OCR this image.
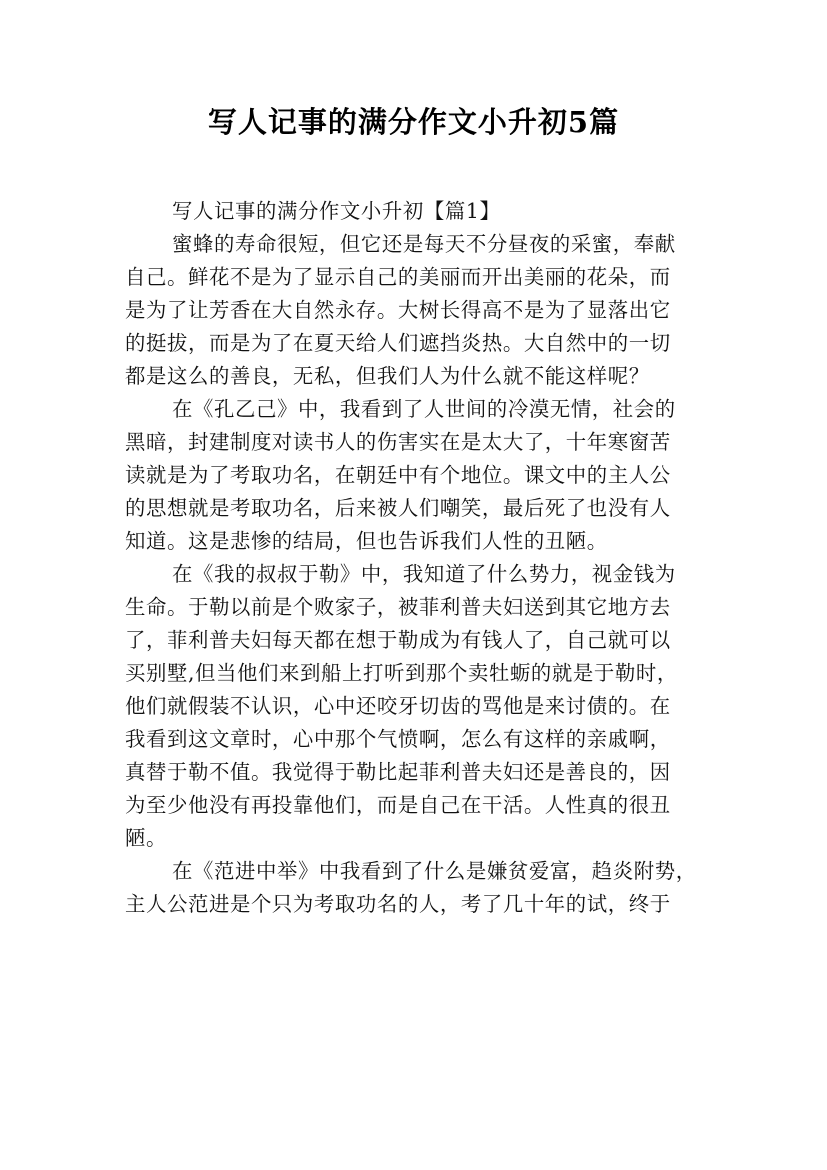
写人记事的满分作文小升初5篇
写人记事的满分作文小升初【篇1】
蜜蜂的寿命很短，但它还是每天不分昼夜的采蜜，奉献
自己。鲜花不是为了显示自己的美丽而开出美丽的花朵，而
是为了让芳香在大自然永存。大树长得高不是为了显落出它
的挺拔，而是为了在夏天给人们遮挡炎热。大自然中的一切
都是这么的善良，无私，但我们人为什么就不能这样呢？
在《孔乙己》中，我看到了人世间的冷漠无情，社会的
黑暗，封建制度对读书人的伤害实在是太大了，十年寒窗苦
读就是为了考取功名，在朝廷中有个地位。课文中的主人公
的思想就是考取功名，后来被人们嘲笑，最后死了也没有人
知道。这是悲惨的结局，但也告诉我们人性的丑陋。
在《我的叔叔于勒》中，我知道了什么势力，视金钱为
生命。于勒以前是个败家子，被菲利普夫妇送到其它地方去
了，菲利普夫妇每天都在想于勒成为有钱人了，自己就可以
买别墅,但当他们来到船上打听到那个卖牡蛎的就是于勒时，
他们就假装不认识，心中还咬牙切齿的骂他是来讨债的。在
我看到这文章时，心中那个气愤啊，怎么有这样的亲戚啊，
真替于勒不值。我觉得于勒比起菲利普夫妇还是善良的，因
为至少他没有再投靠他们，而是自己在干活。人性真的很丑
陋。
在《范进中举》中我看到了什么是嫌贫爱富，趋炎附势，
主人公范进是个只为考取功名的人，考了几十年的试，终于
